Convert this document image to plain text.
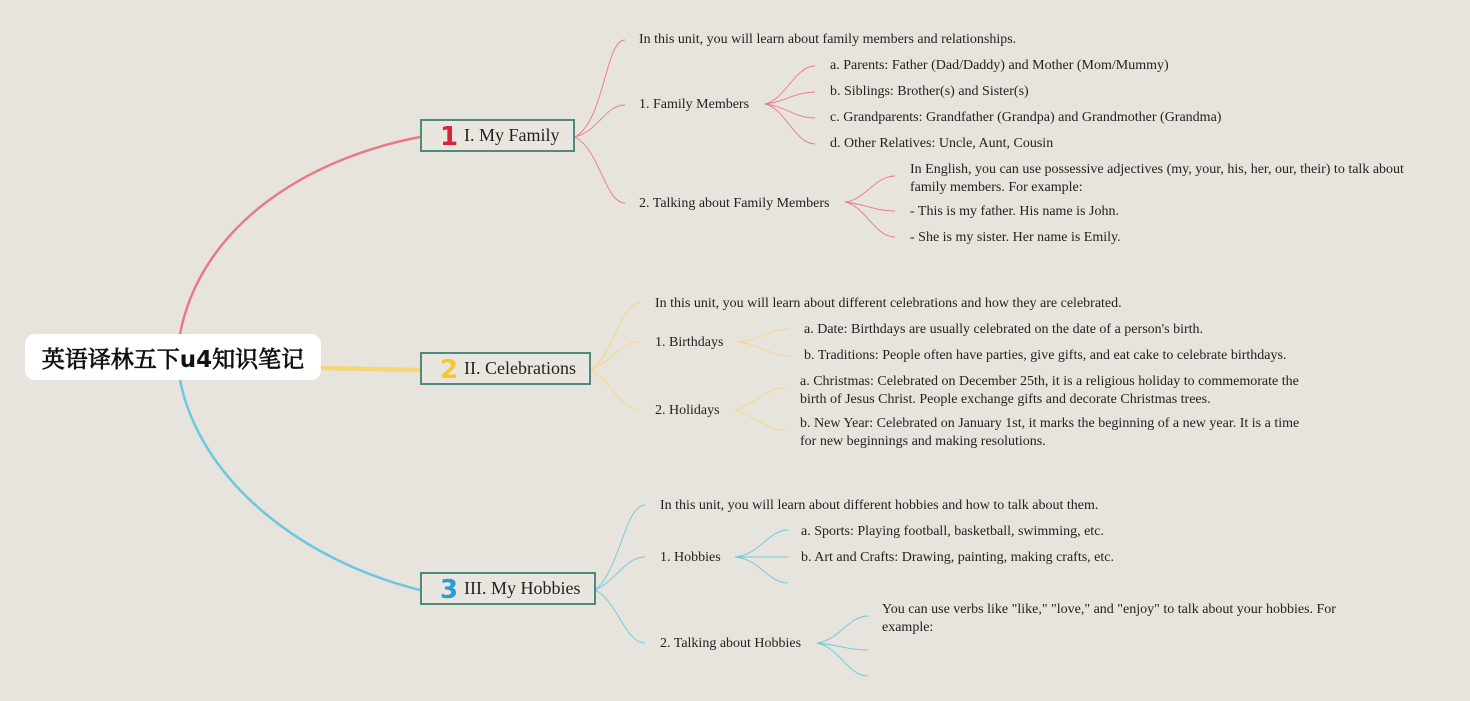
英语译林五下u4知识笔记
1 I. My Family
In this unit, you will learn about family members and relationships.
1. Family Members
a. Parents: Father (Dad/Daddy) and Mother (Mom/Mummy)
b. Siblings: Brother(s) and Sister(s)
c. Grandparents: Grandfather (Grandpa) and Grandmother (Grandma)
d. Other Relatives: Uncle, Aunt, Cousin
2. Talking about Family Members
In English, you can use possessive adjectives (my, your, his, her, our, their) to talk about family members. For example:
- This is my father. His name is John.
- She is my sister. Her name is Emily.
2 II. Celebrations
In this unit, you will learn about different celebrations and how they are celebrated.
1. Birthdays
a. Date: Birthdays are usually celebrated on the date of a person's birth.
b. Traditions: People often have parties, give gifts, and eat cake to celebrate birthdays.
2. Holidays
a. Christmas: Celebrated on December 25th, it is a religious holiday to commemorate the birth of Jesus Christ. People exchange gifts and decorate Christmas trees.
b. New Year: Celebrated on January 1st, it marks the beginning of a new year. It is a time for new beginnings and making resolutions.
3 III. My Hobbies
In this unit, you will learn about different hobbies and how to talk about them.
1. Hobbies
a. Sports: Playing football, basketball, swimming, etc.
b. Art and Crafts: Drawing, painting, making crafts, etc.
2. Talking about Hobbies
You can use verbs like "like," "love," and "enjoy" to talk about your hobbies. For example:
